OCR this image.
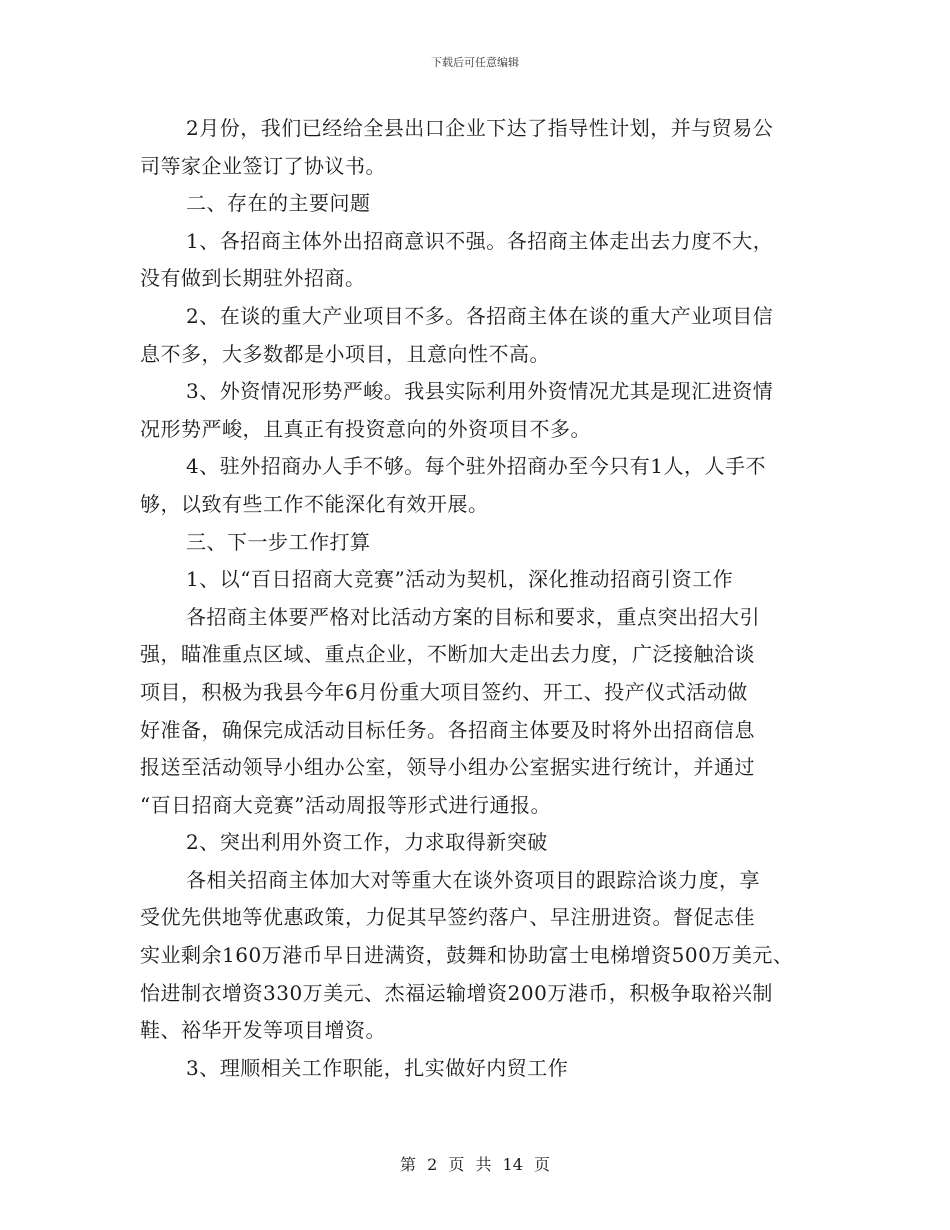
下载后可任意编辑
2月份，我们已经给全县出口企业下达了指导性计划，并与贸易公
司等家企业签订了协议书。
二、存在的主要问题
1、各招商主体外出招商意识不强。各招商主体走出去力度不大，
没有做到长期驻外招商。
2、在谈的重大产业项目不多。各招商主体在谈的重大产业项目信
息不多，大多数都是小项目，且意向性不高。
3、外资情况形势严峻。我县实际利用外资情况尤其是现汇进资情
况形势严峻，且真正有投资意向的外资项目不多。
4、驻外招商办人手不够。每个驻外招商办至今只有1人，人手不
够，以致有些工作不能深化有效开展。
三、下一步工作打算
1、以“百日招商大竞赛”活动为契机，深化推动招商引资工作
各招商主体要严格对比活动方案的目标和要求，重点突出招大引
强，瞄准重点区域、重点企业，不断加大走出去力度，广泛接触洽谈
项目，积极为我县今年6月份重大项目签约、开工、投产仪式活动做
好准备，确保完成活动目标任务。各招商主体要及时将外出招商信息
报送至活动领导小组办公室，领导小组办公室据实进行统计，并通过
“百日招商大竞赛”活动周报等形式进行通报。
2、突出利用外资工作，力求取得新突破
各相关招商主体加大对等重大在谈外资项目的跟踪洽谈力度，享
受优先供地等优惠政策，力促其早签约落户、早注册进资。督促志佳
实业剩余160万港币早日进满资，鼓舞和协助富士电梯增资500万美元、
怡进制衣增资330万美元、杰福运输增资200万港币，积极争取裕兴制
鞋、裕华开发等项目增资。
3、理顺相关工作职能，扎实做好内贸工作
第 2 页 共 14 页
